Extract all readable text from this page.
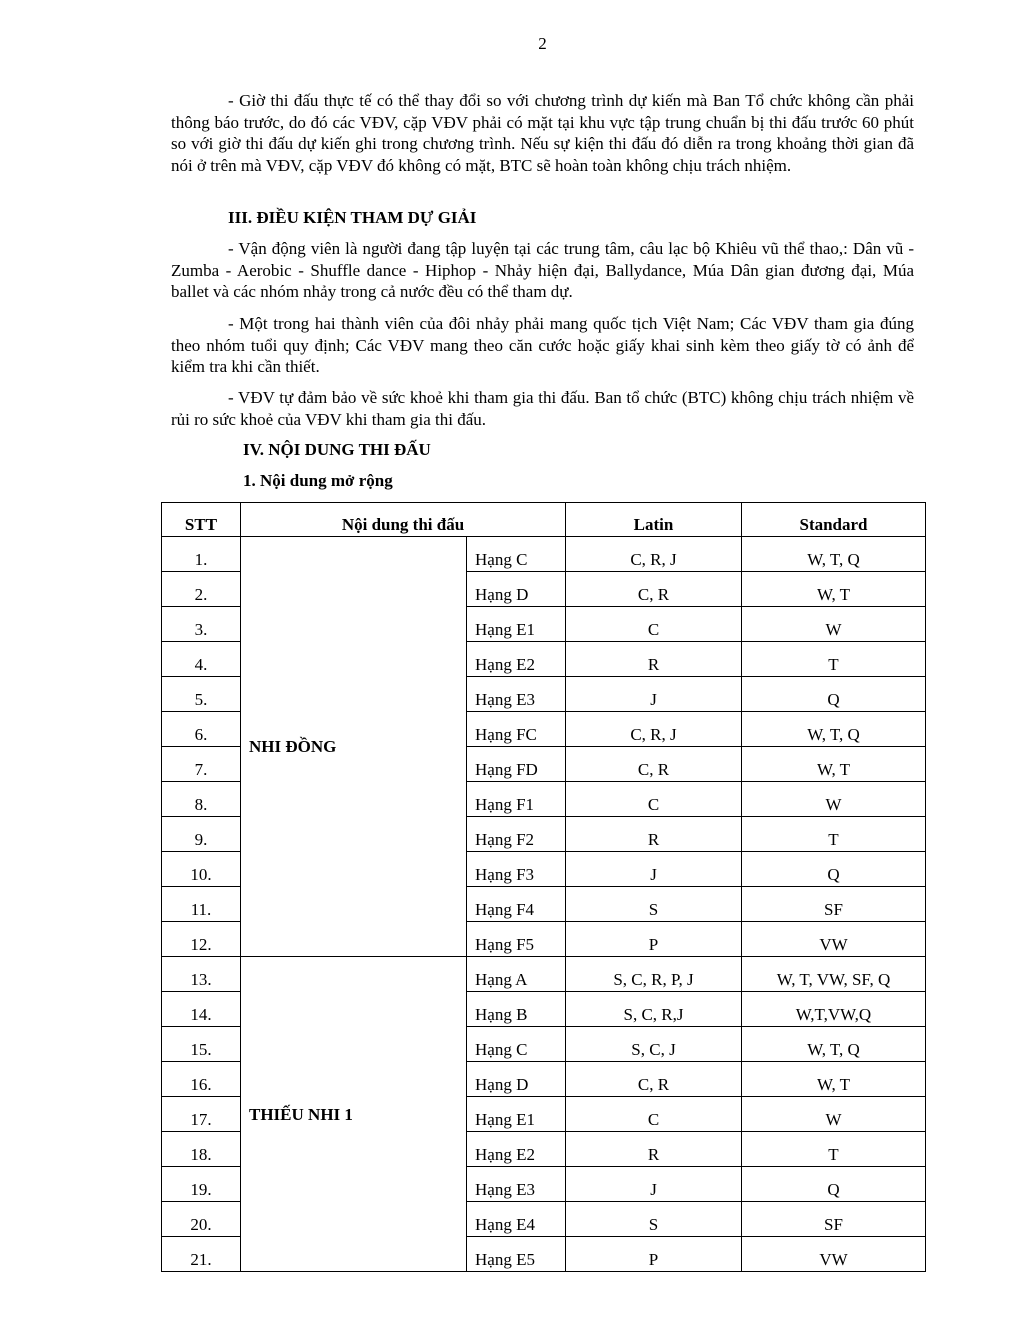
2

- Giờ thi đấu thực tế có thể thay đổi so với chương trình dự kiến mà Ban Tổ chức không cần phải thông báo trước, do đó các VĐV, cặp VĐV phải có mặt tại khu vực tập trung chuẩn bị thi đấu trước 60 phút so với giờ thi đấu dự kiến ghi trong chương trình. Nếu sự kiện thi đấu đó diễn ra trong khoảng thời gian đã nói ở trên mà VĐV, cặp VĐV đó không có mặt, BTC sẽ hoàn toàn không chịu trách nhiệm.

III. ĐIỀU KIỆN THAM DỰ GIẢI

- Vận động viên là người đang tập luyện tại các trung tâm, câu lạc bộ Khiêu vũ thể thao,: Dân vũ - Zumba - Aerobic - Shuffle dance - Hiphop - Nhảy hiện đại, Ballydance, Múa Dân gian đương đại, Múa ballet và các nhóm nhảy trong cả nước đều có thể tham dự.

- Một trong hai thành viên của đôi nhảy phải mang quốc tịch Việt Nam; Các VĐV tham gia đúng theo nhóm tuổi quy định; Các VĐV mang theo căn cước hoặc giấy khai sinh kèm theo giấy tờ có ảnh để kiểm tra khi cần thiết.

- VĐV tự đảm bảo về sức khoẻ khi tham gia thi đấu. Ban tổ chức (BTC) không chịu trách nhiệm về rủi ro sức khoẻ của VĐV khi tham gia thi đấu.

IV. NỘI DUNG THI ĐẤU
1. Nội dung mở rộng
STT	Nội dung thi đấu		Latin	Standard
1.	NHI ĐỒNG	Hạng C	C, R, J	W, T, Q
2.		Hạng D	C, R	W, T
3.		Hạng E1	C	W
4.		Hạng E2	R	T
5.		Hạng E3	J	Q
6.		Hạng FC	C, R, J	W, T, Q
7.		Hạng FD	C, R	W, T
8.		Hạng F1	C	W
9.		Hạng F2	R	T
10.		Hạng F3	J	Q
11.		Hạng F4	S	SF
12.		Hạng F5	P	VW
13.	THIẾU NHI 1	Hạng A	S, C, R, P, J	W, T, VW, SF, Q
14.		Hạng B	S, C, R,J	W,T,VW,Q
15.		Hạng C	S, C, J	W, T, Q
16.		Hạng D	C, R	W, T
17.		Hạng E1	C	W
18.		Hạng E2	R	T
19.		Hạng E3	J	Q
20.		Hạng E4	S	SF
21.		Hạng E5	P	VW
